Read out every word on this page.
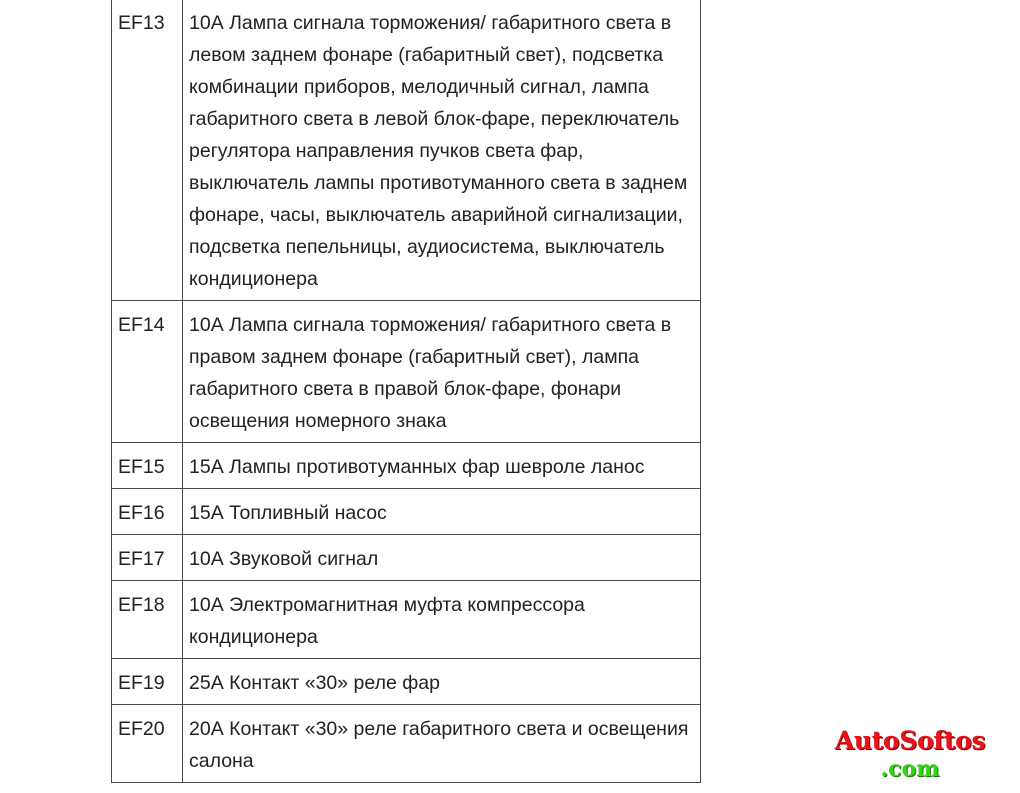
EF13	10А Лампа сигнала торможения/ габаритного света в левом заднем фонаре (габаритный свет), подсветка комбинации приборов, мелодичный сигнал, лампа габаритного света в левой блок-фаре, переключатель регулятора направления пучков света фар, выключатель лампы противотуманного света в заднем фонаре, часы, выключатель аварийной сигнализации, подсветка пепельницы, аудиосистема, выключатель кондиционера
EF14	10А Лампа сигнала торможения/ габаритного света в правом заднем фонаре (габаритный свет), лампа габаритного света в правой блок-фаре, фонари освещения номерного знака
EF15	15А Лампы противотуманных фар шевроле ланос
EF16	15А Топливный насос
EF17	10А Звуковой сигнал
EF18	10А Электромагнитная муфта компрессора кондиционера
EF19	25А Контакт «30» реле фар
EF20	20А Контакт «30» реле габаритного света и освещения салона
AutoSoftos
.com
